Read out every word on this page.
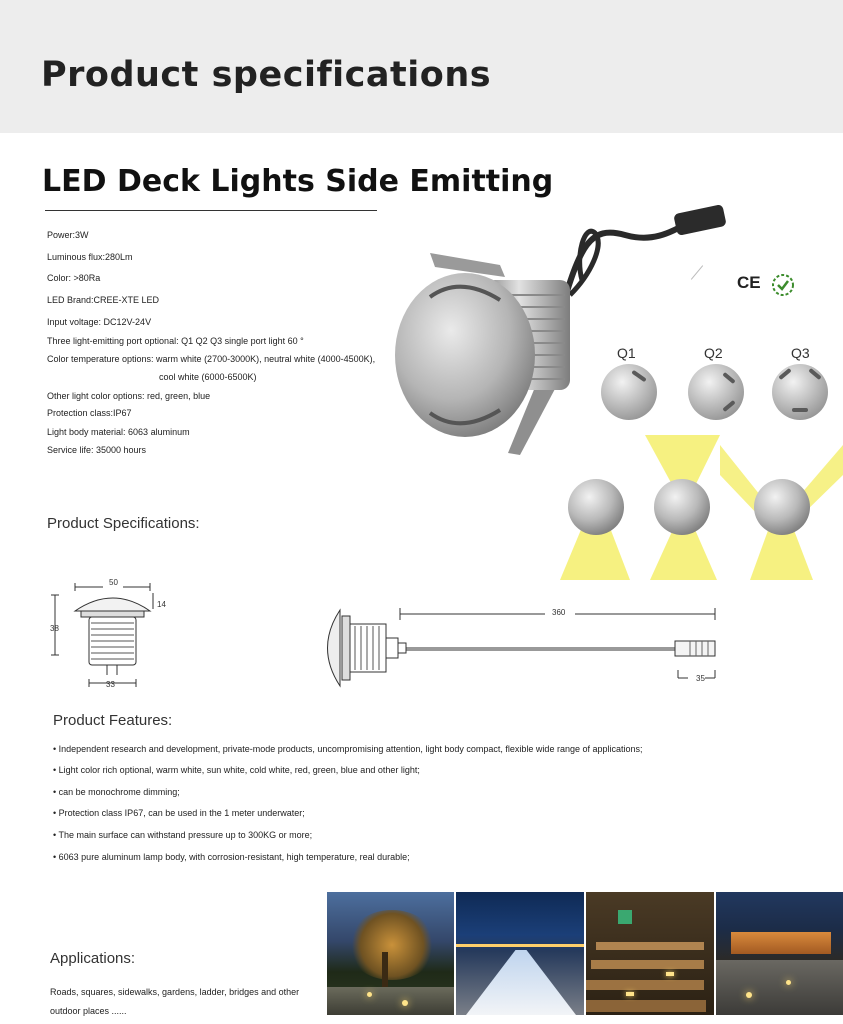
Product specifications
LED Deck Lights Side Emitting
Power:3W
Luminous flux:280Lm
Color: >80Ra
LED Brand:CREE-XTE LED
Input voltage: DC12V-24V
Three light-emitting port optional: Q1 Q2 Q3 single port light 60 °
Color temperature options: warm white (2700-3000K), neutral white (4000-4500K),
cool white (6000-6500K)
Other light color options: red, green, blue
Protection class:IP67
Light body material: 6063 aluminum
Service life: 35000 hours
CE
Q1	Q2	Q3
Product Specifications:
50
14
38
33
360
35
Product Features:
• Independent research and development, private-mode products, uncompromising attention, light body compact, flexible wide range of applications;
• Light color rich optional, warm white, sun white, cold white, red, green, blue and other light;
• can be monochrome dimming;
• Protection class IP67, can be used in the 1 meter underwater;
• The main surface can withstand pressure up to 300KG or more;
• 6063 pure aluminum lamp body, with corrosion-resistant, high temperature, real durable;
Applications:
Roads, squares, sidewalks, gardens, ladder, bridges and other
outdoor places ......
